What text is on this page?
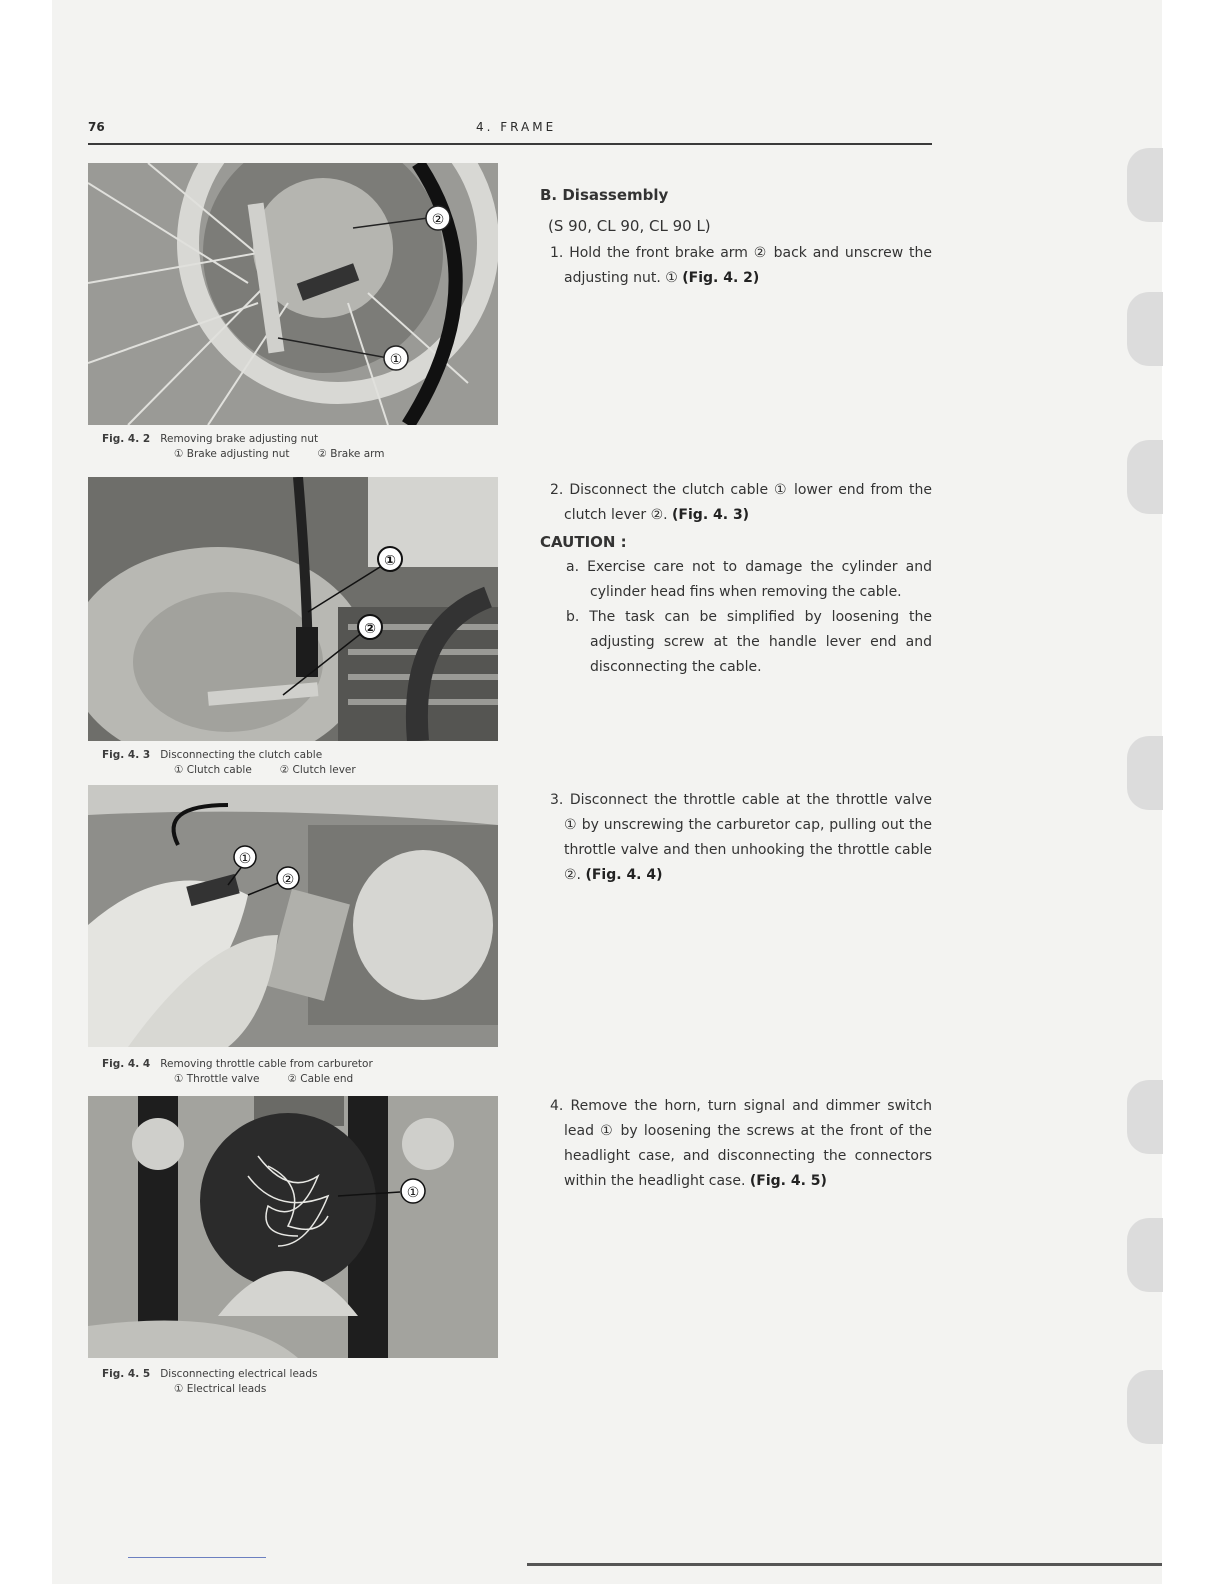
76	4. FRAME
②
①
Fig. 4. 2 Removing brake adjusting nut
① Brake adjusting nut	② Brake arm
①
②
Fig. 4. 3 Disconnecting the clutch cable
① Clutch cable	② Clutch lever
①
②
Fig. 4. 4 Removing throttle cable from carburetor
① Throttle valve	② Cable end
①
Fig. 4. 5 Disconnecting electrical leads
① Electrical leads
B. Disassembly
(S 90, CL 90, CL 90 L)
1. Hold the front brake arm ② back and unscrew the adjusting nut. ① (Fig. 4. 2)
2. Disconnect the clutch cable ① lower end from the clutch lever ②. (Fig. 4. 3)
CAUTION :
a. Exercise care not to damage the cylinder and cylinder head fins when removing the cable.
b. The task can be simplified by loosening the adjusting screw at the handle lever end and disconnecting the cable.
3. Disconnect the throttle cable at the throttle valve ① by unscrewing the carburetor cap, pulling out the throttle valve and then unhooking the throttle cable ②. (Fig. 4. 4)
4. Remove the horn, turn signal and dimmer switch lead ① by loosening the screws at the front of the headlight case, and disconnecting the connectors within the headlight case. (Fig. 4. 5)
